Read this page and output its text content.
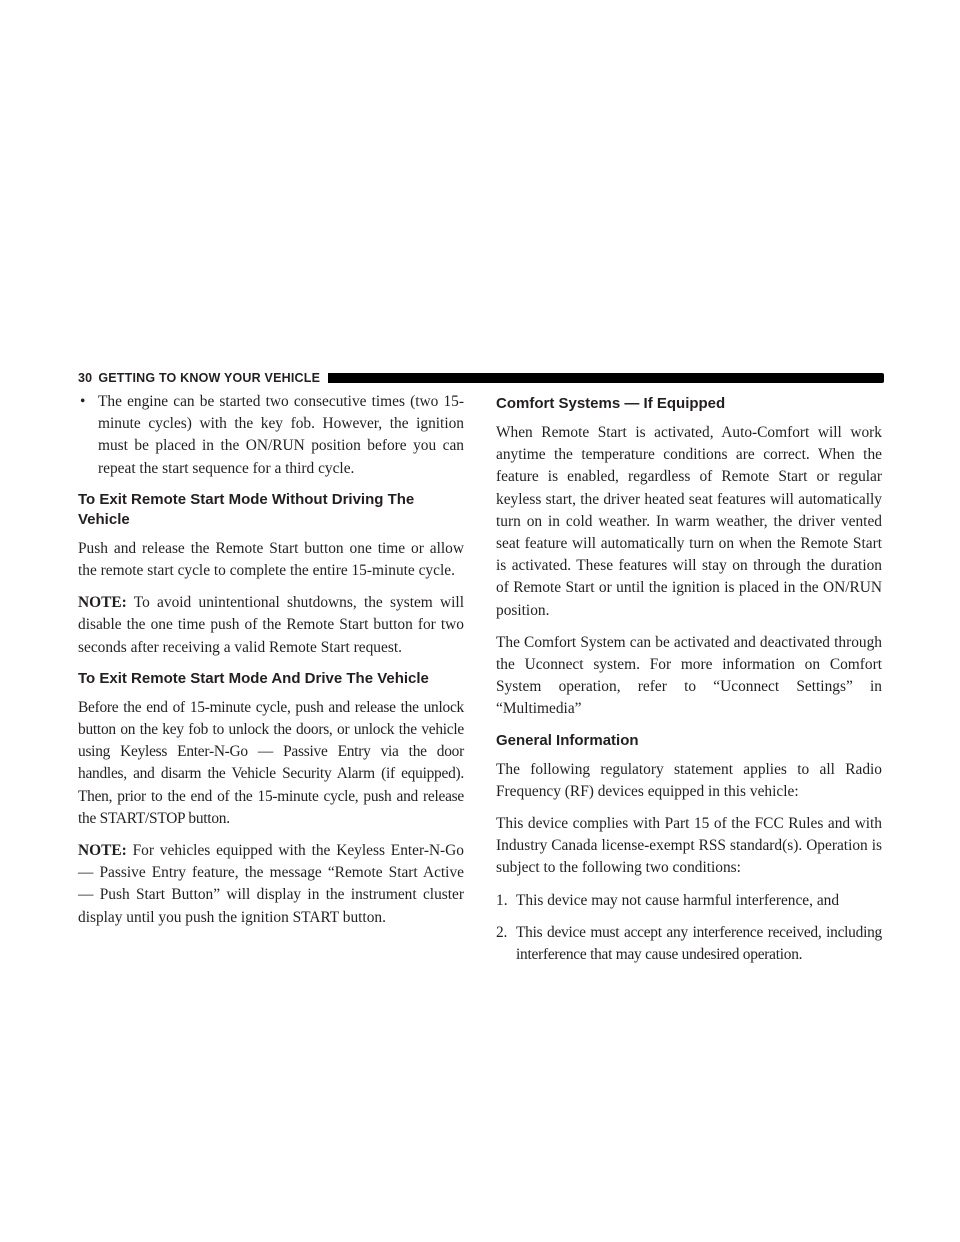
30 GETTING TO KNOW YOUR VEHICLE
• The engine can be started two consecutive times (two 15-minute cycles) with the key fob. However, the ignition must be placed in the ON/RUN position before you can repeat the start sequence for a third cycle.
To Exit Remote Start Mode Without Driving The Vehicle

Push and release the Remote Start button one time or allow the remote start cycle to complete the entire 15-minute cycle.

NOTE: To avoid unintentional shutdowns, the system will disable the one time push of the Remote Start button for two seconds after receiving a valid Remote Start request.

To Exit Remote Start Mode And Drive The Vehicle

Before the end of 15-minute cycle, push and release the unlock button on the key fob to unlock the doors, or unlock the vehicle using Keyless Enter-N-Go — Passive Entry via the door handles, and disarm the Vehicle Security Alarm (if equipped). Then, prior to the end of the 15-minute cycle, push and release the START/STOP button.

NOTE: For vehicles equipped with the Keyless Enter-N-Go — Passive Entry feature, the message “Remote Start Active — Push Start Button” will display in the instrument cluster display until you push the ignition START button.

Comfort Systems — If Equipped

When Remote Start is activated, Auto-Comfort will work anytime the temperature conditions are correct. When the feature is enabled, regardless of Remote Start or regular keyless start, the driver heated seat features will automatically turn on in cold weather. In warm weather, the driver vented seat feature will automatically turn on when the Remote Start is activated. These features will stay on through the duration of Remote Start or until the ignition is placed in the ON/RUN position.

The Comfort System can be activated and deactivated through the Uconnect system. For more information on Comfort System operation, refer to “Uconnect Settings” in “Multimedia”

General Information

The following regulatory statement applies to all Radio Frequency (RF) devices equipped in this vehicle:

This device complies with Part 15 of the FCC Rules and with Industry Canada license-exempt RSS standard(s). Operation is subject to the following two conditions:

1. This device may not cause harmful interference, and
2. This device must accept any interference received, including interference that may cause undesired operation.
